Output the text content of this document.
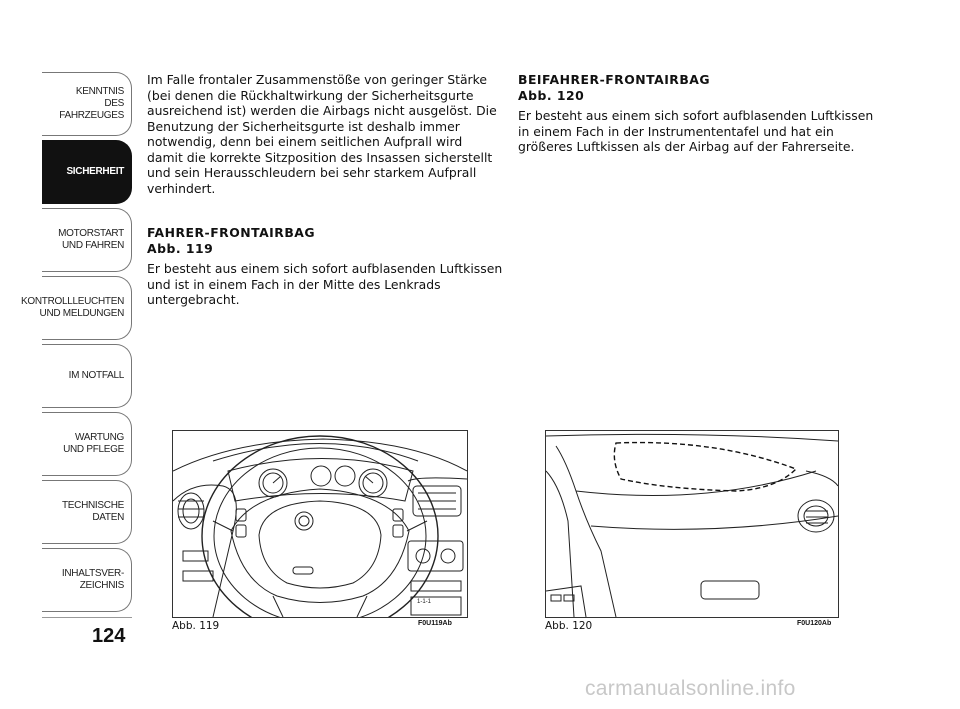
KENNTNIS
DES FAHRZEUGES
SICHERHEIT
MOTORSTART
UND FAHREN
KONTROLLLEUCHTEN
UND MELDUNGEN
IM NOTFALL
WARTUNG
UND PFLEGE
TECHNISCHE
DATEN
INHALTSVER-
ZEICHNIS
124
Im Falle frontaler Zusammenstöße von geringer Stärke
(bei denen die Rückhaltwirkung der Sicherheitsgurte
ausreichend ist) werden die Airbags nicht ausgelöst. Die
Benutzung der Sicherheitsgurte ist deshalb immer
notwendig, denn bei einem seitlichen Aufprall wird
damit die korrekte Sitzposition des Insassen sicherstellt
und sein Herausschleudern bei sehr starkem Aufprall
verhindert.
FAHRER-FRONTAIRBAG
Abb. 119
Er besteht aus einem sich sofort aufblasenden Luftkissen
und ist in einem Fach in der Mitte des Lenkrads
untergebracht.
BEIFAHRER-FRONTAIRBAG
Abb. 120
Er besteht aus einem sich sofort aufblasenden Luftkissen
in einem Fach in der Instrumententafel und hat ein
größeres Luftkissen als der Airbag auf der Fahrerseite.
1-1-1
Abb. 119	F0U119Ab	Abb. 120	F0U120Ab
carmanualsonline.info
